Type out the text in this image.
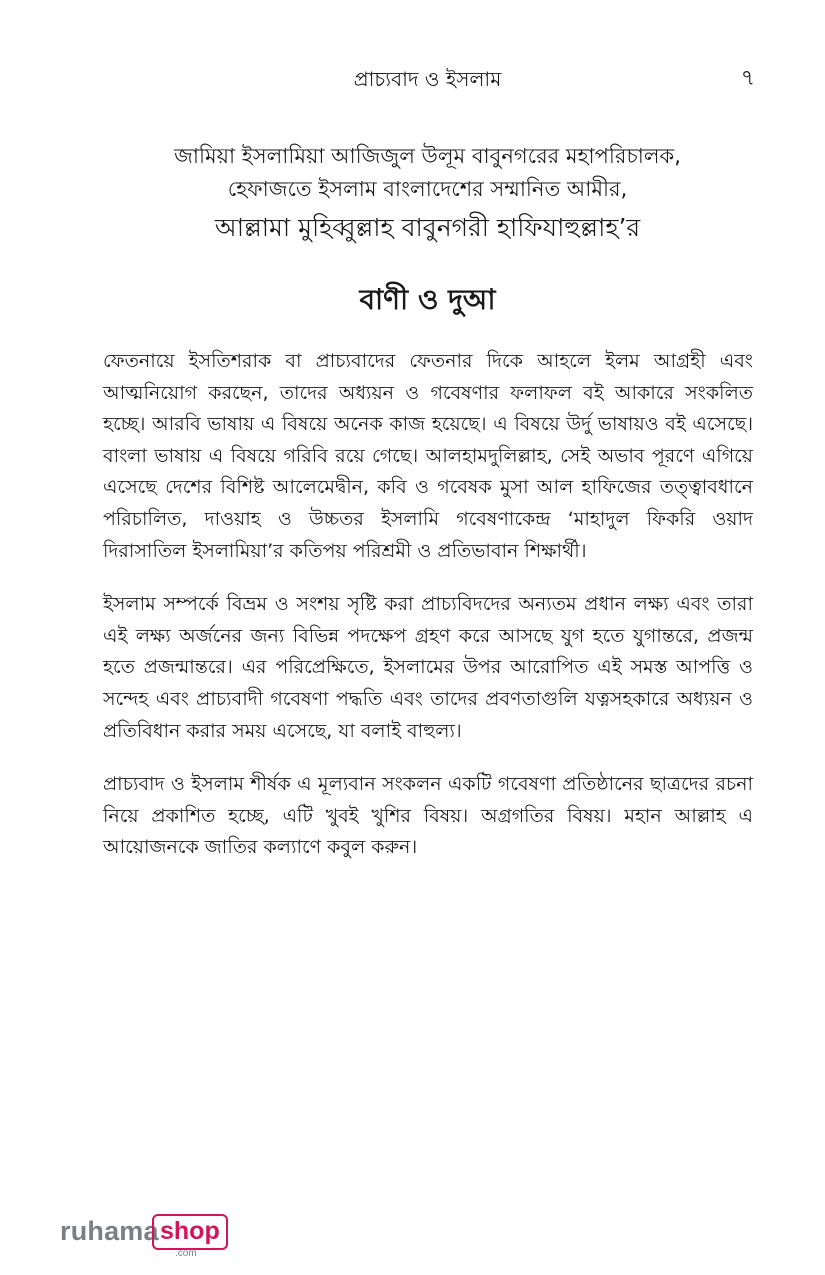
প্রাচ্যবাদ ও ইসলাম	৭
জামিয়া ইসলামিয়া আজিজুল উলূম বাবুনগরের মহাপরিচালক,
হেফাজতে ইসলাম বাংলাদেশের সম্মানিত আমীর,
আল্লামা মুহিব্বুল্লাহ বাবুনগরী হাফিযাহুল্লাহ’র
বাণী ও দুআ

ফেতনায়ে ইসতিশরাক বা প্রাচ্যবাদের ফেতনার দিকে আহলে ইলম আগ্রহী এবং আত্মনিয়োগ করছেন, তাদের অধ্যয়ন ও গবেষণার ফলাফল বই আকারে সংকলিত হচ্ছে। আরবি ভাষায় এ বিষয়ে অনেক কাজ হয়েছে। এ বিষয়ে উর্দু ভাষায়ও বই এসেছে। বাংলা ভাষায় এ বিষয়ে গরিবি রয়ে গেছে। আলহামদুলিল্লাহ, সেই অভাব পূরণে এগিয়ে এসেছে দেশের বিশিষ্ট আলেমেদ্বীন, কবি ও গবেষক মুসা আল হাফিজের তত্ত্বাবধানে পরিচালিত, দাওয়াহ ও উচ্চতর ইসলামি গবেষণাকেন্দ্র ‘মাহাদুল ফিকরি ওয়াদ দিরাসাতিল ইসলামিয়া’র কতিপয় পরিশ্রমী ও প্রতিভাবান শিক্ষার্থী।

ইসলাম সম্পর্কে বিভ্রম ও সংশয় সৃষ্টি করা প্রাচ্যবিদদের অন্যতম প্রধান লক্ষ্য এবং তারা এই লক্ষ্য অর্জনের জন্য বিভিন্ন পদক্ষেপ গ্রহণ করে আসছে যুগ হতে যুগান্তরে, প্রজন্ম হতে প্রজন্মান্তরে। এর পরিপ্রেক্ষিতে, ইসলামের উপর আরোপিত এই সমস্ত আপত্তি ও সন্দেহ এবং প্রাচ্যবাদী গবেষণা পদ্ধতি এবং তাদের প্রবণতাগুলি যত্নসহকারে অধ্যয়ন ও প্রতিবিধান করার সময় এসেছে, যা বলাই বাহুল্য।

প্রাচ্যবাদ ও ইসলাম শীর্ষক এ মূল্যবান সংকলন একটি গবেষণা প্রতিষ্ঠানের ছাত্রদের রচনা নিয়ে প্রকাশিত হচ্ছে, এটি খুবই খুশির বিষয়। অগ্রগতির বিষয়। মহান আল্লাহ এ আয়োজনকে জাতির কল্যাণে কবুল করুন।

ruhama shop
.com
